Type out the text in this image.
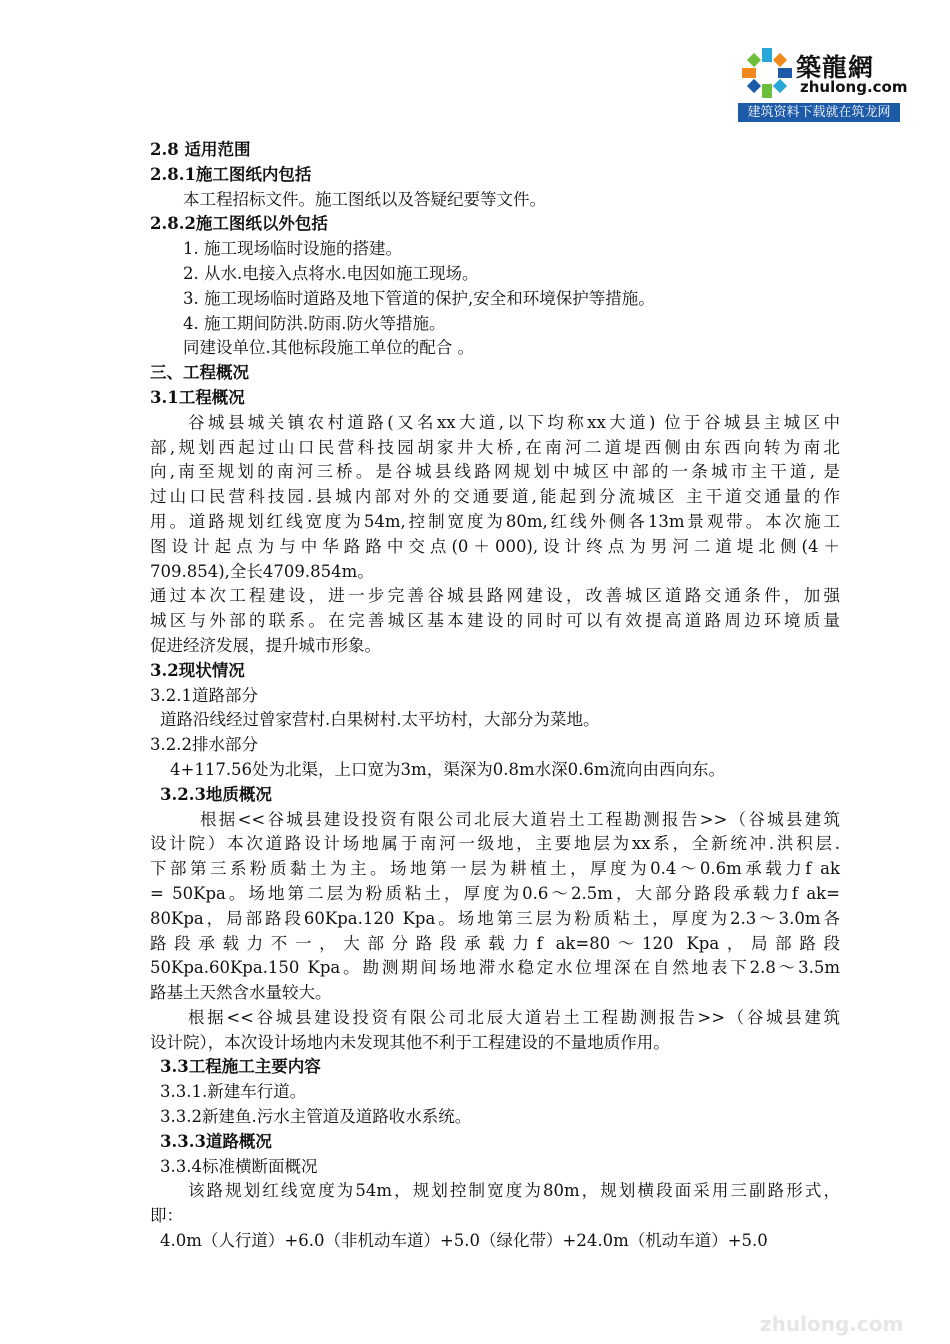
築龍網
zhulong.com
建筑资料下载就在筑龙网
2.8 适用范围
2.8.1施工图纸内包括
本工程招标文件。施工图纸以及答疑纪要等文件。
2.8.2施工图纸以外包括
1. 施工现场临时设施的搭建。
2. 从水.电接入点将水.电因如施工现场。
3. 施工现场临时道路及地下管道的保护,安全和环境保护等措施。
4. 施工期间防洪.防雨.防火等措施。
同建设单位.其他标段施工单位的配合 。
三、工程概况
3.1工程概况
谷城县城关镇农村道路(又名xx大道,以下均称xx大道) 位于谷城县主城区中
部,规划西起过山口民营科技园胡家井大桥,在南河二道堤西侧由东西向转为南北
向,南至规划的南河三桥。是谷城县线路网规划中城区中部的一条城市主干道, 是
过山口民营科技园.县城内部对外的交通要道,能起到分流城区 主干道交通量的作
用。道路规划红线宽度为54m,控制宽度为80m,红线外侧各13m景观带。本次施工
图设计起点为与中华路路中交点(0＋000),设计终点为男河二道堤北侧(4＋
709.854),全长4709.854m。
通过本次工程建设，进一步完善谷城县路网建设，改善城区道路交通条件，加强
城区与外部的联系。在完善城区基本建设的同时可以有效提高道路周边环境质量
促进经济发展，提升城市形象。
3.2现状情况
3.2.1道路部分
道路沿线经过曾家营村.白果树村.太平坊村，大部分为菜地。
3.2.2排水部分
4+117.56处为北渠，上口宽为3m，渠深为0.8m水深0.6m流向由西向东。
3.2.3地质概况
根据<<谷城县建设投资有限公司北辰大道岩土工程勘测报告>>（谷城县建筑
设计院）本次道路设计场地属于南河一级地，主要地层为xx系，全新统冲.洪积层.
下部第三系粉质黏土为主。场地第一层为耕植土，厚度为0.4～0.6m承载力f ak
= 50Kpa。场地第二层为粉质粘土，厚度为0.6～2.5m，大部分路段承载力f ak=
80Kpa，局部路段60Kpa.120 Kpa。场地第三层为粉质粘土，厚度为2.3～3.0m各
路段承载力不一，大部分路段承载力f ak=80～120 Kpa，局部路段
50Kpa.60Kpa.150 Kpa。勘测期间场地滞水稳定水位埋深在自然地表下2.8～3.5m
路基土天然含水量较大。
根据<<谷城县建设投资有限公司北辰大道岩土工程勘测报告>>（谷城县建筑
设计院），本次设计场地内未发现其他不利于工程建设的不量地质作用。
3.3工程施工主要内容
3.3.1.新建车行道。
3.3.2新建鱼.污水主管道及道路收水系统。
3.3.3道路概况
3.3.4标准横断面概况
该路规划红线宽度为54m，规划控制宽度为80m，规划横段面采用三副路形式，
即：
4.0m（人行道）+6.0（非机动车道）+5.0（绿化带）+24.0m（机动车道）+5.0
zhulong.com
